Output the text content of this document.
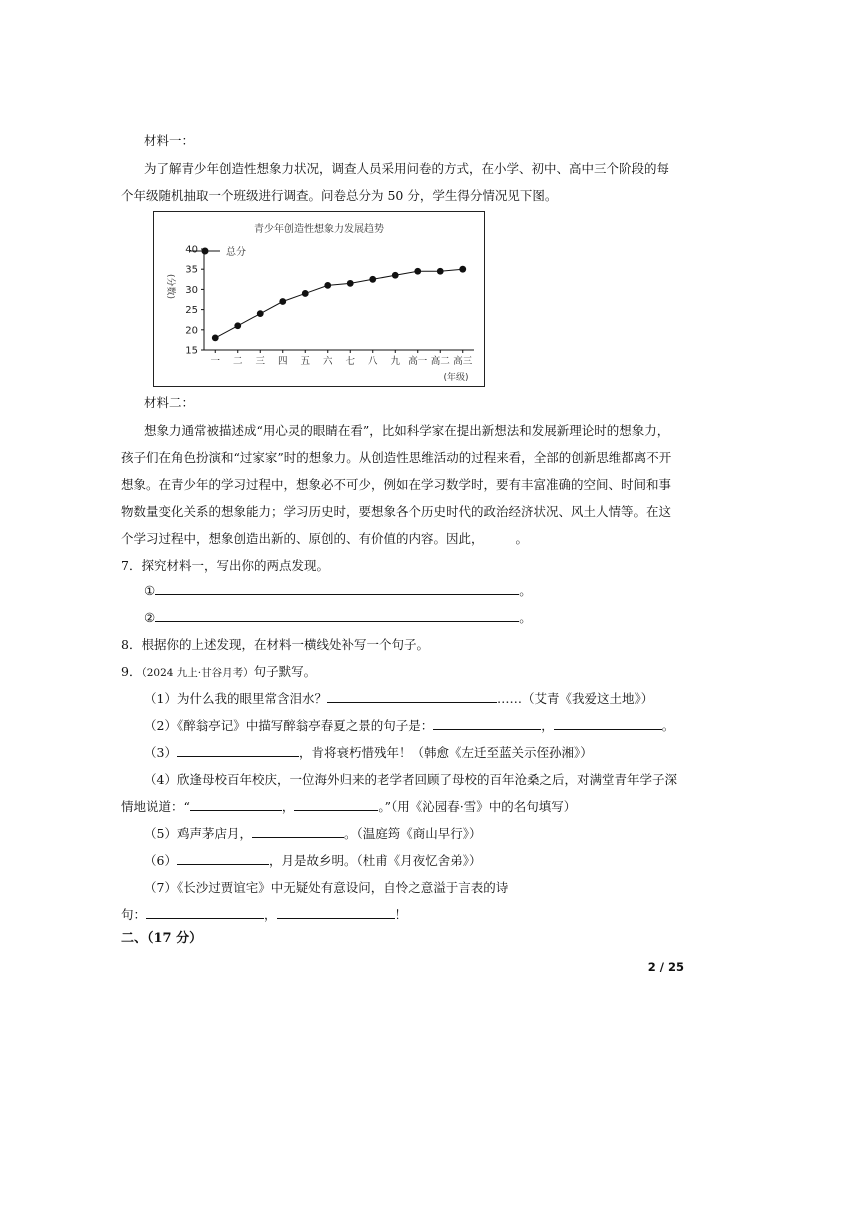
材料一：
为了解青少年创造性想象力状况，调查人员采用问卷的方式，在小学、初中、高中三个阶段的每
个年级随机抽取一个班级进行调查。问卷总分为 50 分，学生得分情况见下图。
青少年创造性想象力发展趋势
15
20
25
30
35
40
一 二 三 四 五 六 七 八 九 高一 高二 高三
总分
(分数)
(年级)
材料二：
想象力通常被描述成“用心灵的眼睛在看”，比如科学家在提出新想法和发展新理论时的想象力，
孩子们在角色扮演和“过家家”时的想象力。从创造性思维活动的过程来看，全部的创新思维都离不开
想象。在青少年的学习过程中，想象必不可少，例如在学习数学时，要有丰富准确的空间、时间和事
物数量变化关系的想象能力；学习历史时，要想象各个历史时代的政治经济状况、风土人情等。在这
个学习过程中，想象创造出新的、原创的、有价值的内容。因此，	。
7．探究材料一，写出你的两点发现。
①	。
②	。
8．根据你的上述发现，在材料一横线处补写一个句子。
9．（2024 九上·甘谷月考）句子默写。
（1）为什么我的眼里常含泪水？	……（艾青《我爱这土地》）
（2）《醉翁亭记》中描写醉翁亭春夏之景的句子是：	，	。
（3）	，肯将衰朽惜残年！（韩愈《左迁至蓝关示侄孙湘》）
（4）欣逢母校百年校庆，一位海外归来的老学者回顾了母校的百年沧桑之后，对满堂青年学子深
情地说道：“	，	。”（用《沁园春·雪》中的名句填写）
（5）鸡声茅店月，	。（温庭筠《商山早行》）
（6）	，月是故乡明。（杜甫《月夜忆舍弟》）
（7）《长沙过贾谊宅》中无疑处有意设问，自怜之意溢于言表的诗
句：	，	！
二、（17 分）
2 / 25
